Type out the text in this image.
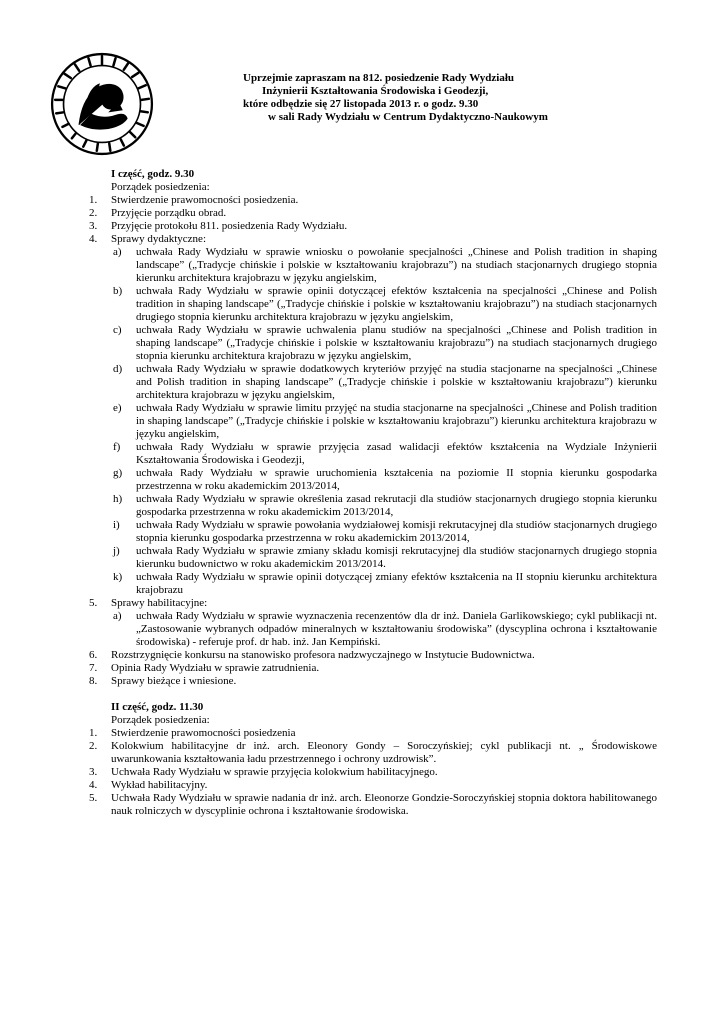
Uprzejmie zapraszam na 812. posiedzenie Rady Wydziału
Inżynierii Kształtowania Środowiska i Geodezji,
które odbędzie się 27 listopada 2013 r. o godz. 9.30
w sali Rady Wydziału w Centrum Dydaktyczno-Naukowym
I część, godz. 9.30
Porządek posiedzenia:
1.	Stwierdzenie prawomocności posiedzenia.
2.	Przyjęcie porządku obrad.
3.	Przyjęcie protokołu 811. posiedzenia Rady Wydziału.
4.	Sprawy dydaktyczne:
a) uchwała Rady Wydziału w sprawie wniosku o powołanie specjalności „Chinese and Polish tradition in shaping landscape” („Tradycje chińskie i polskie w kształtowaniu krajobrazu”) na studiach stacjonarnych drugiego stopnia kierunku architektura krajobrazu w języku angielskim,
b) uchwała Rady Wydziału w sprawie opinii dotyczącej efektów kształcenia na specjalności „Chinese and Polish tradition in shaping landscape” („Tradycje chińskie i polskie w kształtowaniu krajobrazu”) na studiach stacjonarnych drugiego stopnia kierunku architektura krajobrazu w języku angielskim,
c) uchwała Rady Wydziału w sprawie uchwalenia planu studiów na specjalności „Chinese and Polish tradition in shaping landscape” („Tradycje chińskie i polskie w kształtowaniu krajobrazu”) na studiach stacjonarnych drugiego stopnia kierunku architektura krajobrazu w języku angielskim,
d) uchwała Rady Wydziału w sprawie dodatkowych kryteriów przyjęć na studia stacjonarne na specjalności „Chinese and Polish tradition in shaping landscape” („Tradycje chińskie i polskie w kształtowaniu krajobrazu”) kierunku architektura krajobrazu w języku angielskim,
e) uchwała Rady Wydziału w sprawie limitu przyjęć na studia stacjonarne na specjalności „Chinese and Polish tradition in shaping landscape” („Tradycje chińskie i polskie w kształtowaniu krajobrazu”) kierunku architektura krajobrazu w języku angielskim,
f) uchwała Rady Wydziału w sprawie przyjęcia zasad walidacji efektów kształcenia na Wydziale Inżynierii Kształtowania Środowiska i Geodezji,
g) uchwała Rady Wydziału w sprawie uruchomienia kształcenia na poziomie II stopnia kierunku gospodarka przestrzenna w roku akademickim 2013/2014,
h) uchwała Rady Wydziału w sprawie określenia zasad rekrutacji dla studiów stacjonarnych drugiego stopnia kierunku gospodarka przestrzenna w roku akademickim 2013/2014,
i) uchwała Rady Wydziału w sprawie powołania wydziałowej komisji rekrutacyjnej dla studiów stacjonarnych drugiego stopnia kierunku gospodarka przestrzenna w roku akademickim 2013/2014,
j) uchwała Rady Wydziału w sprawie zmiany składu komisji rekrutacyjnej dla studiów stacjonarnych drugiego stopnia kierunku budownictwo w roku akademickim 2013/2014.
k) uchwała Rady Wydziału w sprawie opinii dotyczącej zmiany efektów kształcenia na II stopniu kierunku architektura krajobrazu
5.	Sprawy habilitacyjne:
a) uchwała Rady Wydziału w sprawie wyznaczenia recenzentów dla dr inż. Daniela Garlikowskiego; cykl publikacji nt. „Zastosowanie wybranych odpadów mineralnych w kształtowaniu środowiska” (dyscyplina ochrona i kształtowanie środowiska) - referuje prof. dr hab. inż. Jan Kempiński.
6.	Rozstrzygnięcie konkursu na stanowisko profesora nadzwyczajnego w Instytucie Budownictwa.
7.	Opinia Rady Wydziału w sprawie zatrudnienia.
8.	Sprawy bieżące i wniesione.
II część, godz. 11.30
Porządek posiedzenia:
1.	Stwierdzenie prawomocności posiedzenia
2.	Kolokwium habilitacyjne dr inż. arch. Eleonory Gondy – Soroczyńskiej; cykl publikacji nt. „ Środowiskowe uwarunkowania kształtowania ładu przestrzennego i ochrony uzdrowisk”.
3.	Uchwała Rady Wydziału w sprawie przyjęcia kolokwium habilitacyjnego.
4.	Wykład habilitacyjny.
5.	Uchwała Rady Wydziału w sprawie nadania dr inż. arch. Eleonorze Gondzie-Soroczyńskiej stopnia doktora habilitowanego nauk rolniczych w dyscyplinie ochrona i kształtowanie środowiska.
